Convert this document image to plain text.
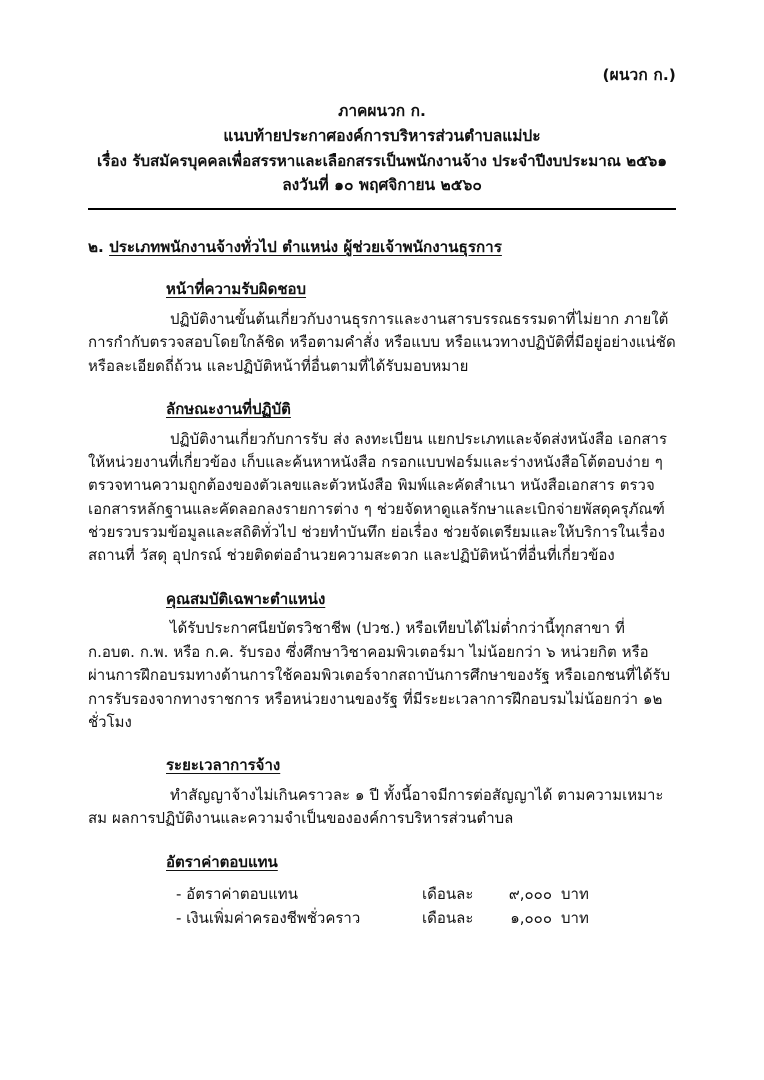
(ผนวก ก.)
ภาคผนวก ก.
แนบท้ายประกาศองค์การบริหารส่วนตำบลแม่ปะ
เรื่อง รับสมัครบุคคลเพื่อสรรหาและเลือกสรรเป็นพนักงานจ้าง ประจำปีงบประมาณ ๒๕๖๑
ลงวันที่ ๑๐ พฤศจิกายน ๒๕๖๐
๒. ประเภทพนักงานจ้างทั่วไป ตำแหน่ง ผู้ช่วยเจ้าพนักงานธุรการ
หน้าที่ความรับผิดชอบ
ปฏิบัติงานขั้นต้นเกี่ยวกับงานธุรการและงานสารบรรณธรรมดาที่ไม่ยาก ภายใต้การกำกับตรวจสอบโดยใกล้ชิด หรือตามคำสั่ง หรือแบบ หรือแนวทางปฏิบัติที่มีอยู่อย่างแน่ชัด หรือละเอียดถี่ถ้วน และปฏิบัติหน้าที่อื่นตามที่ได้รับมอบหมาย
ลักษณะงานที่ปฏิบัติ
ปฏิบัติงานเกี่ยวกับการรับ ส่ง ลงทะเบียน แยกประเภทและจัดส่งหนังสือ เอกสาร ให้หน่วยงานที่เกี่ยวข้อง เก็บและค้นหาหนังสือ กรอกแบบฟอร์มและร่างหนังสือโต้ตอบง่าย ๆ ตรวจทานความถูกต้องของตัวเลขและตัวหนังสือ พิมพ์และคัดสำเนา หนังสือเอกสาร ตรวจเอกสารหลักฐานและคัดลอกลงรายการต่าง ๆ ช่วยจัดหาดูแลรักษาและเบิกจ่ายพัสดุครุภัณฑ์ ช่วยรวบรวมข้อมูลและสถิติทั่วไป ช่วยทำบันทึก ย่อเรื่อง ช่วยจัดเตรียมและให้บริการในเรื่องสถานที่ วัสดุ อุปกรณ์ ช่วยติดต่ออำนวยความสะดวก และปฏิบัติหน้าที่อื่นที่เกี่ยวข้อง
คุณสมบัติเฉพาะตำแหน่ง
ได้รับประกาศนียบัตรวิชาชีพ (ปวช.) หรือเทียบได้ไม่ต่ำกว่านี้ทุกสาขา ที่ ก.อบต. ก.พ. หรือ ก.ค. รับรอง ซึ่งศึกษาวิชาคอมพิวเตอร์มา ไม่น้อยกว่า ๖ หน่วยกิต หรือผ่านการฝึกอบรมทางด้านการใช้คอมพิวเตอร์จากสถาบันการศึกษาของรัฐ หรือเอกชนที่ได้รับการรับรองจากทางราชการ หรือหน่วยงานของรัฐ ที่มีระยะเวลาการฝึกอบรมไม่น้อยกว่า ๑๒ ชั่วโมง
ระยะเวลาการจ้าง
ทำสัญญาจ้างไม่เกินคราวละ ๑ ปี ทั้งนี้อาจมีการต่อสัญญาได้ ตามความเหมาะสม ผลการปฏิบัติงานและความจำเป็นขององค์การบริหารส่วนตำบล
อัตราค่าตอบแทน
- อัตราค่าตอบแทน	เดือนละ	๙,๐๐๐	บาท
- เงินเพิ่มค่าครองชีพชั่วคราว	เดือนละ	๑,๐๐๐	บาท
